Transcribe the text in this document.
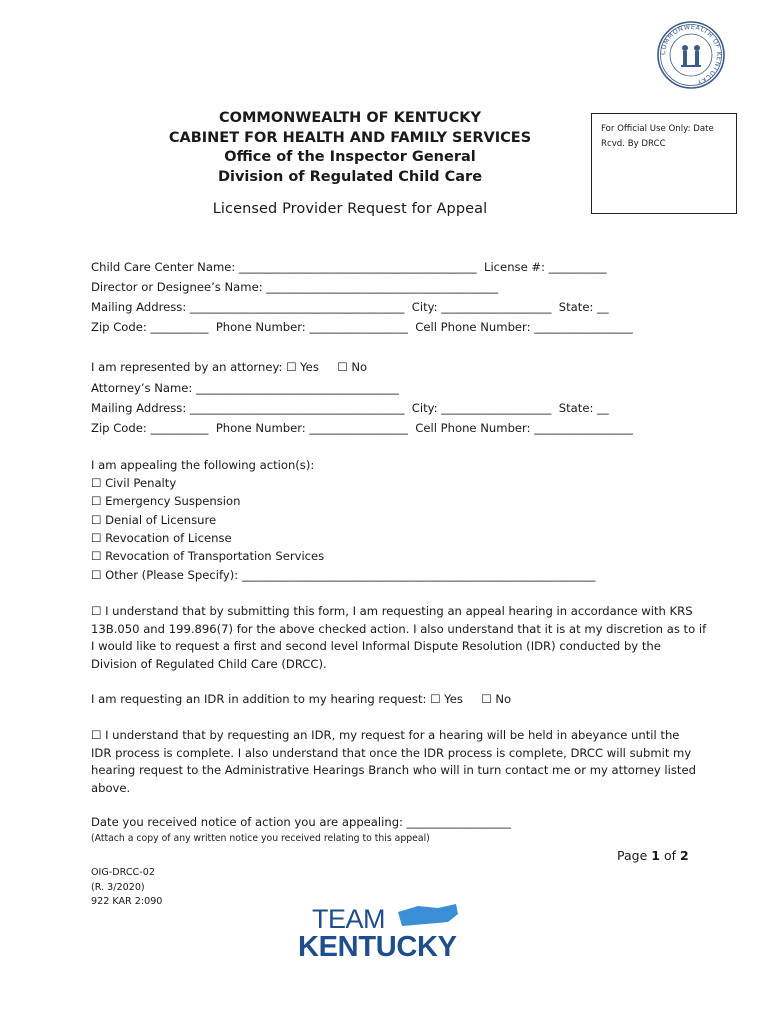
COMMONWEALTH OF KENTUCKY
COMMONWEALTH OF KENTUCKY
CABINET FOR HEALTH AND FAMILY SERVICES
Office of the Inspector General
Division of Regulated Child Care
For Official Use Only: Date
Rcvd. By DRCC
Licensed Provider Request for Appeal
Child Care Center Name: _________________________________________  License #: __________
Director or Designee’s Name: ________________________________________
Mailing Address: _____________________________________  City: ___________________  State: __
Zip Code: __________  Phone Number: _________________  Cell Phone Number: _________________
I am represented by an attorney: ☐ Yes     ☐ No
Attorney’s Name: ___________________________________
Mailing Address: _____________________________________  City: ___________________  State: __
Zip Code: __________  Phone Number: _________________  Cell Phone Number: _________________
I am appealing the following action(s):
☐ Civil Penalty
☐ Emergency Suspension
☐ Denial of Licensure
☐ Revocation of License
☐ Revocation of Transportation Services
☐ Other (Please Specify): _____________________________________________________________
☐ I understand that by submitting this form, I am requesting an appeal hearing in accordance with KRS
13B.050 and 199.896(7) for the above checked action. I also understand that it is at my discretion as to if
I would like to request a first and second level Informal Dispute Resolution (IDR) conducted by the
Division of Regulated Child Care (DRCC).
I am requesting an IDR in addition to my hearing request: ☐ Yes     ☐ No
☐ I understand that by requesting an IDR, my request for a hearing will be held in abeyance until the
IDR process is complete. I also understand that once the IDR process is complete, DRCC will submit my
hearing request to the Administrative Hearings Branch who will in turn contact me or my attorney listed
above.
Date you received notice of action you are appealing: __________________
(Attach a copy of any written notice you received relating to this appeal)
Page 1 of 2
OIG-DRCC-02
(R. 3/2020)
922 KAR 2:090
TEAM
KENTUCKY
